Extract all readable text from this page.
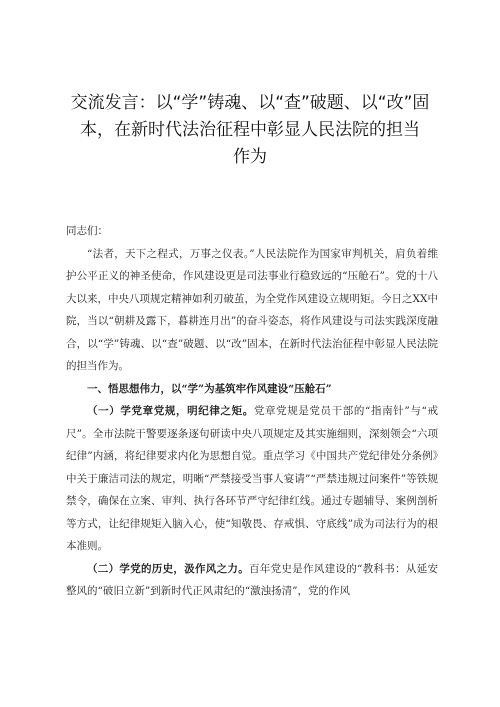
交流发言：以“学”铸魂、以“查”破题、以“改”固
本，在新时代法治征程中彰显人民法院的担当
作为

同志们：

“法者，天下之程式，万事之仪表。”人民法院作为国家审判机关，肩负着维护公平正义的神圣使命，作风建设更是司法事业行稳致远的“压舱石”。党的十八大以来，中央八项规定精神如利刃破茧，为全党作风建设立规明矩。今日之XX中院，当以“朝耕及露下，暮耕连月出”的奋斗姿态，将作风建设与司法实践深度融合，以“学”铸魂、以“查”破题、以“改”固本，在新时代法治征程中彰显人民法院的担当作为。

一、悟思想伟力，以“学”为基筑牢作风建设“压舱石”

（一）学党章党规，明纪律之矩。党章党规是党员干部的“指南针”与“戒尺”。全市法院干警要逐条逐句研读中央八项规定及其实施细则，深刻领会“六项纪律”内涵，将纪律要求内化为思想自觉。重点学习《中国共产党纪律处分条例》中关于廉洁司法的规定，明晰“严禁接受当事人宴请”“严禁违规过问案件”等铁规禁令，确保在立案、审判、执行各环节严守纪律红线。通过专题辅导、案例剖析等方式，让纪律规矩入脑入心，使“知敬畏、存戒惧、守底线”成为司法行为的根本准则。

（二）学党的历史，汲作风之力。百年党史是作风建设的“教科书：从延安整风的“破旧立新”到新时代正风肃纪的“激浊扬清”，党的作风
